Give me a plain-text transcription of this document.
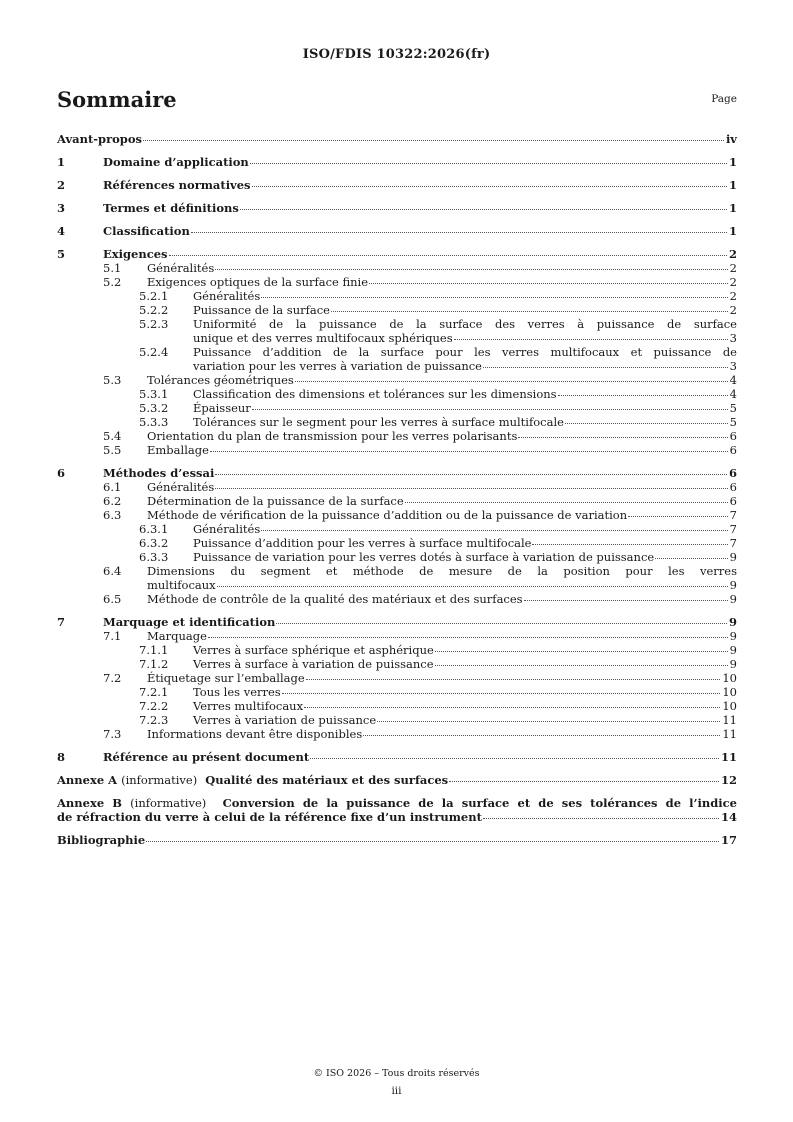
ISO/FDIS 10322:2026(fr)
Sommaire	Page
Avant-propos	iv
1	Domaine d’application	1
2	Références normatives	1
3	Termes et définitions	1
4	Classification	1
5	Exigences	2
5.1 Généralités	2
5.2 Exigences optiques de la surface finie	2
5.2.1 Généralités	2
5.2.2 Puissance de la surface	2
5.2.3 Uniformité de la puissance de la surface des verres à puissance de surface
unique et des verres multifocaux sphériques	3
5.2.4 Puissance d’addition de la surface pour les verres multifocaux et puissance de
variation pour les verres à variation de puissance	3
5.3 Tolérances géométriques	4
5.3.1 Classification des dimensions et tolérances sur les dimensions	4
5.3.2 Épaisseur	5
5.3.3 Tolérances sur le segment pour les verres à surface multifocale	5
5.4 Orientation du plan de transmission pour les verres polarisants	6
5.5 Emballage	6
6	Méthodes d’essai	6
6.1 Généralités	6
6.2 Détermination de la puissance de la surface	6
6.3 Méthode de vérification de la puissance d’addition ou de la puissance de variation	7
6.3.1 Généralités	7
6.3.2 Puissance d’addition pour les verres à surface multifocale	7
6.3.3 Puissance de variation pour les verres dotés à surface à variation de puissance	9
6.4 Dimensions du segment et méthode de mesure de la position pour les verres
multifocaux	9
6.5 Méthode de contrôle de la qualité des matériaux et des surfaces	9
7	Marquage et identification	9
7.1 Marquage	9
7.1.1 Verres à surface sphérique et asphérique	9
7.1.2 Verres à surface à variation de puissance	9
7.2 Étiquetage sur l’emballage	10
7.2.1 Tous les verres	10
7.2.2 Verres multifocaux	10
7.2.3 Verres à variation de puissance	11
7.3 Informations devant être disponibles	11
8	Référence au présent document	11
Annexe A
(informative)
Qualité des matériaux et des surfaces	12
Annexe B (informative) Conversion de la puissance de la surface et de ses tolérances de l’indice
de réfraction du verre à celui de la référence fixe d’un instrument	14
Bibliographie	17
© ISO 2026 – Tous droits réservés
iii
